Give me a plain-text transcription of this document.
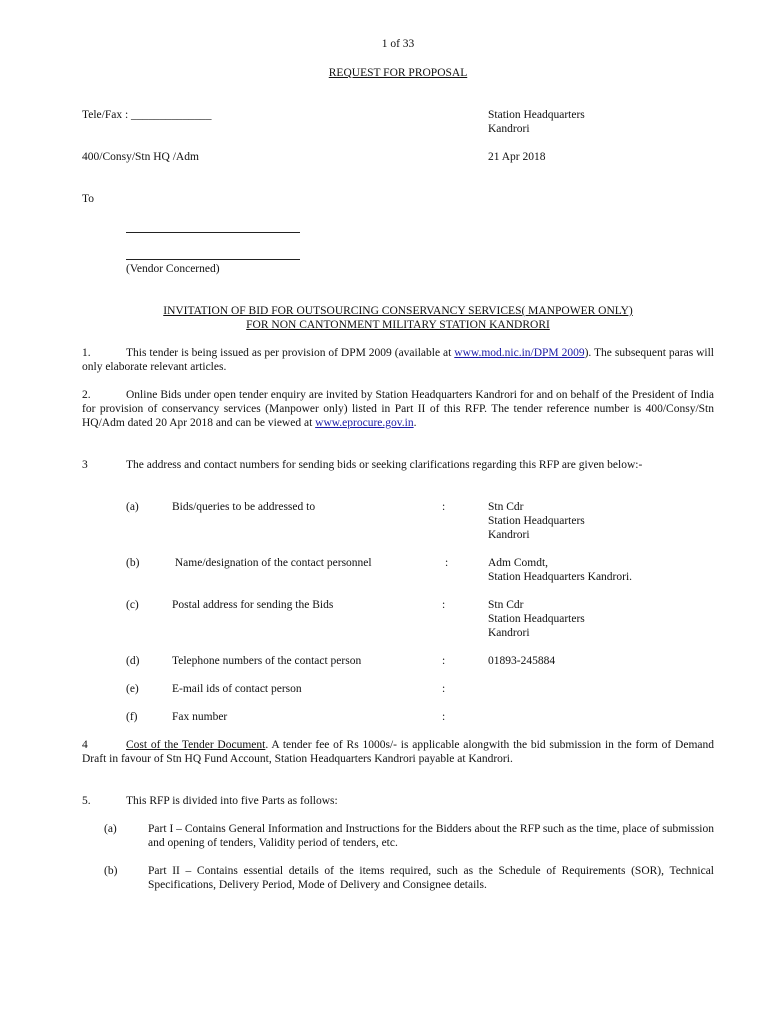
1 of 33
REQUEST FOR PROPOSAL
Tele/Fax : ______________	Station Headquarters
Kandrori
400/Consy/Stn HQ /Adm	21 Apr 2018
To
(Vendor Concerned)
INVITATION OF BID FOR OUTSOURCING CONSERVANCY SERVICES( MANPOWER ONLY)
FOR NON CANTONMENT MILITARY STATION KANDRORI
1.	This tender is being issued as per provision of DPM 2009 (available at www.mod.nic.in/DPM 2009). The subsequent paras will only elaborate relevant articles.
2.	Online Bids under open tender enquiry are invited by Station Headquarters Kandrori for and on behalf of the President of India for provision of conservancy services (Manpower only) listed in Part II of this RFP. The tender reference number is 400/Consy/Stn HQ/Adm dated 20 Apr 2018 and can be viewed at www.eprocure.gov.in.
3	The address and contact numbers for sending bids or seeking clarifications regarding this RFP are given below:-
(a)	Bids/queries to be addressed to	:	Stn Cdr
Station Headquarters
Kandrori
(b)	Name/designation of the contact personnel	:	Adm Comdt,
Station Headquarters Kandrori.
(c)	Postal address for sending the Bids	:	Stn Cdr
Station Headquarters
Kandrori
(d)	Telephone numbers of the contact person	:	01893-245884
(e)	E-mail ids of contact person	:
(f)	Fax number	:
4	Cost of the Tender Document. A tender fee of Rs 1000s/- is applicable alongwith the bid submission in the form of Demand Draft in favour of Stn HQ Fund Account, Station Headquarters Kandrori payable at Kandrori.
5.	This RFP is divided into five Parts as follows:
(a)	Part I – Contains General Information and Instructions for the Bidders about the RFP such as the time, place of submission and opening of tenders, Validity period of tenders, etc.
(b)	Part II – Contains essential details of the items required, such as the Schedule of Requirements (SOR), Technical Specifications, Delivery Period, Mode of Delivery and Consignee details.
